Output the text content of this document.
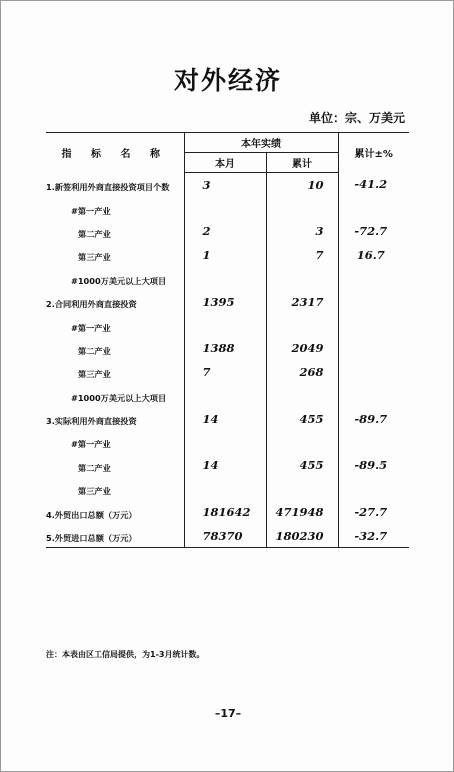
对外经济
单位：宗、万美元
指 标 名 称	本年实绩		累计±%
	本月	累计	
1.新签利用外商直接投资项目个数	3	10	-41.2
#第一产业			
第二产业	2	3	-72.7
第三产业	1	7	16.7
#1000万美元以上大项目			
2.合同利用外商直接投资	1395	2317	
#第一产业			
第二产业	1388	2049	
第三产业	7	268	
#1000万美元以上大项目			
3.实际利用外商直接投资	14	455	-89.7
#第一产业			
第二产业	14	455	-89.5
第三产业			
4.外贸出口总额（万元）	181642	471948	-27.7
5.外贸进口总额（万元）	78370	180230	-32.7
注：本表由区工信局提供，为1-3月统计数。
–17–
